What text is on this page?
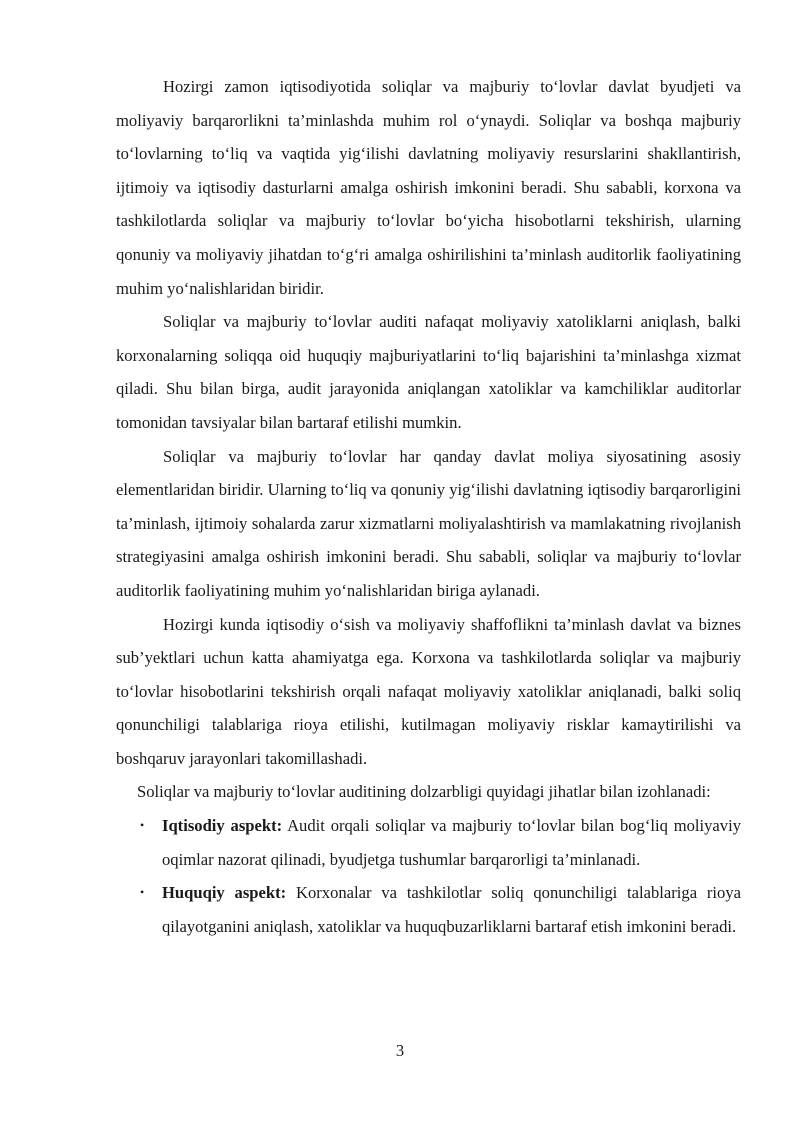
Hozirgi zamon iqtisodiyotida soliqlar va majburiy to‘lovlar davlat byudjeti va moliyaviy barqarorlikni ta’minlashda muhim rol o‘ynaydi. Soliqlar va boshqa majburiy to‘lovlarning to‘liq va vaqtida yig‘ilishi davlatning moliyaviy resurslarini shakllantirish, ijtimoiy va iqtisodiy dasturlarni amalga oshirish imkonini beradi. Shu sababli, korxona va tashkilotlarda soliqlar va majburiy to‘lovlar bo‘yicha hisobotlarni tekshirish, ularning qonuniy va moliyaviy jihatdan to‘g‘ri amalga oshirilishini ta’minlash auditorlik faoliyatining muhim yo‘nalishlaridan biridir.

Soliqlar va majburiy to‘lovlar auditi nafaqat moliyaviy xatoliklarni aniqlash, balki korxonalarning soliqqa oid huquqiy majburiyatlarini to‘liq bajarishini ta’minlashga xizmat qiladi. Shu bilan birga, audit jarayonida aniqlangan xatoliklar va kamchiliklar auditorlar tomonidan tavsiyalar bilan bartaraf etilishi mumkin.

Soliqlar va majburiy to‘lovlar har qanday davlat moliya siyosatining asosiy elementlaridan biridir. Ularning to‘liq va qonuniy yig‘ilishi davlatning iqtisodiy barqarorligini ta’minlash, ijtimoiy sohalarda zarur xizmatlarni moliyalashtirish va mamlakatning rivojlanish strategiyasini amalga oshirish imkonini beradi. Shu sababli, soliqlar va majburiy to‘lovlar auditorlik faoliyatining muhim yo‘nalishlaridan biriga aylanadi.

Hozirgi kunda iqtisodiy o‘sish va moliyaviy shaffoflikni ta’minlash davlat va biznes sub’yektlari uchun katta ahamiyatga ega. Korxona va tashkilotlarda soliqlar va majburiy to‘lovlar hisobotlarini tekshirish orqali nafaqat moliyaviy xatoliklar aniqlanadi, balki soliq qonunchiligi talablariga rioya etilishi, kutilmagan moliyaviy risklar kamaytirilishi va boshqaruv jarayonlari takomillashadi.

Soliqlar va majburiy to‘lovlar auditining dolzarbligi quyidagi jihatlar bilan izohlanadi:

• Iqtisodiy aspekt: Audit orqali soliqlar va majburiy to‘lovlar bilan bog‘liq moliyaviy oqimlar nazorat qilinadi, byudjetga tushumlar barqarorligi ta’minlanadi.
• Huquqiy aspekt: Korxonalar va tashkilotlar soliq qonunchiligi talablariga rioya qilayotganini aniqlash, xatoliklar va huquqbuzarliklarni bartaraf etish imkonini beradi.
3
